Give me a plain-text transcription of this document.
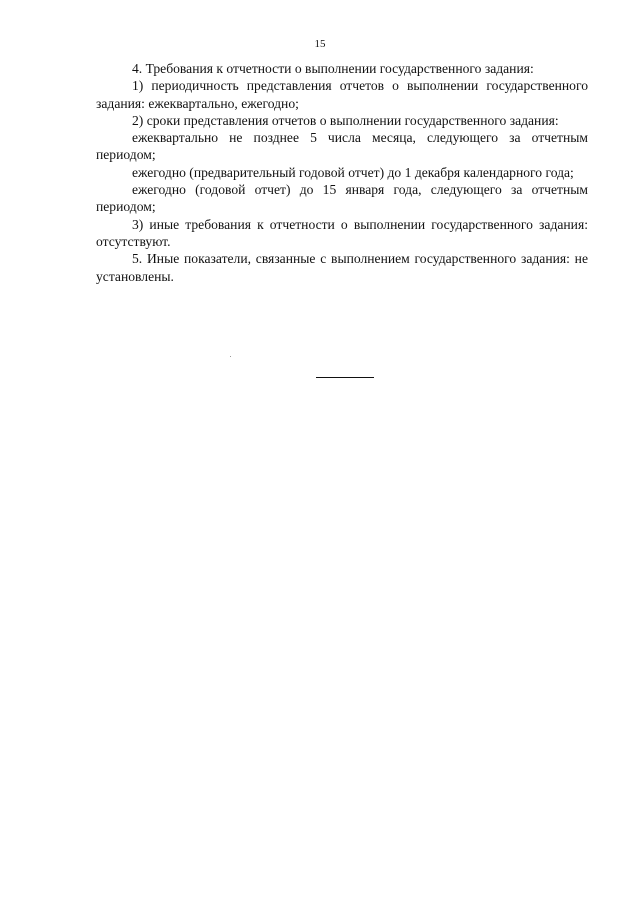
15

4. Требования к отчетности о выполнении государственного задания:

1) периодичность представления отчетов о выполнении государственного задания: ежеквартально, ежегодно;

2) сроки представления отчетов о выполнении государственного задания:

ежеквартально не позднее 5 числа месяца, следующего за отчетным периодом;

ежегодно (предварительный годовой отчет) до 1 декабря календарного года;

ежегодно (годовой отчет) до 15 января года, следующего за отчетным периодом;

3) иные требования к отчетности о выполнении государственного задания: отсутствуют.

5. Иные показатели, связанные с выполнением государственного задания: не установлены.
